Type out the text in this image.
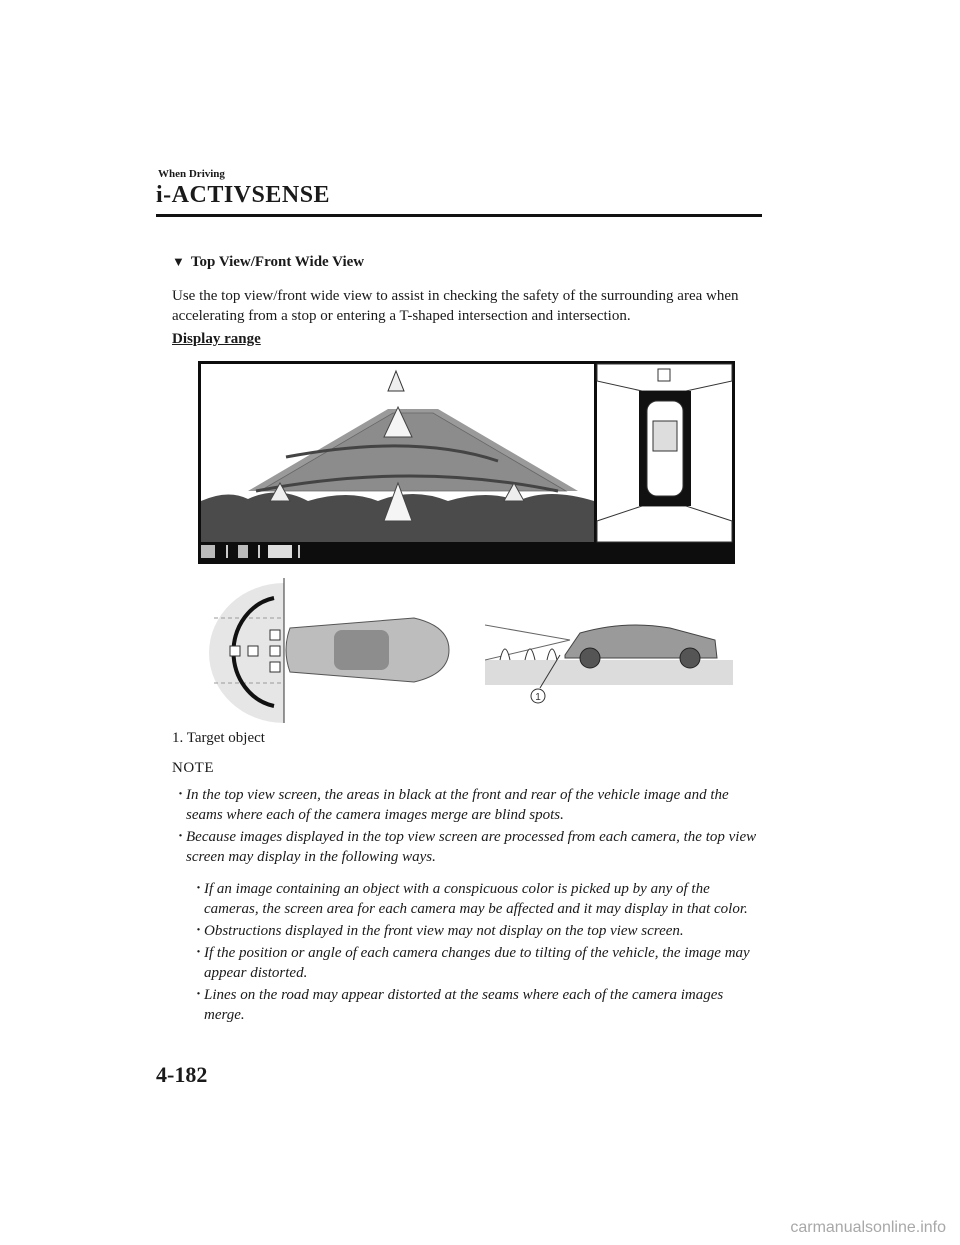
When Driving
i-ACTIVSENSE
▼ Top View/Front Wide View
Use the top view/front wide view to assist in checking the safety of the surrounding area when accelerating from a stop or entering a T-shaped intersection and intersection.
Display range
1
1. Target object
NOTE
· In the top view screen, the areas in black at the front and rear of the vehicle image and the seams where each of the camera images merge are blind spots.
· Because images displayed in the top view screen are processed from each camera, the top view screen may display in the following ways.
· If an image containing an object with a conspicuous color is picked up by any of the cameras, the screen area for each camera may be affected and it may display in that color.
· Obstructions displayed in the front view may not display on the top view screen.
· If the position or angle of each camera changes due to tilting of the vehicle, the image may appear distorted.
· Lines on the road may appear distorted at the seams where each of the camera images merge.
4-182
carmanualsonline.info
